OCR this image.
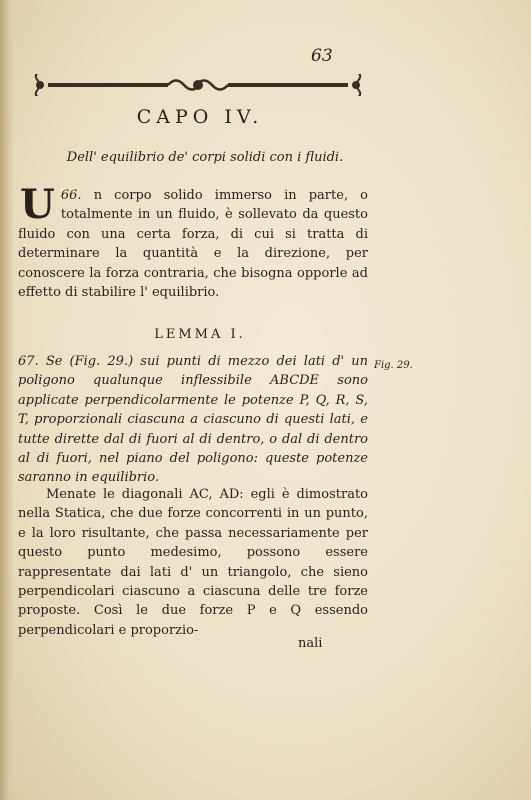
63
CAPO IV.
Dell' equilibrio de' corpi solidi con i fluidi.
66.
U	n corpo solido immerso in parte, o totalmente in un fluido, è sollevato da questo fluido con una certa forza, di cui si tratta di determinare la quantità e la direzione, per conoscere la forza contraria, che bisogna opporle ad effetto di stabilire l' equilibrio.
LEMMA I.
67. Se (Fig. 29.) sui punti di mezzo dei lati d' un poligono qualunque inflessibile ABCDE sono applicate perpendicolarmente le potenze P, Q, R, S, T, proporzionali ciascuna a ciascuno di questi lati, e tutte dirette dal di fuori al di dentro, o dal di dentro al di fuori, nel piano del poligono: queste potenze saranno in equilibrio.
Fig. 29.
Menate le diagonali AC, AD: egli è dimostrato nella Statica, che due forze concorrenti in un punto, e la loro risultante, che passa necessariamente per questo punto medesimo, possono essere rappresentate dai lati d' un triangolo, che sieno perpendicolari ciascuno a ciascuna delle tre forze proposte. Così le due forze P e Q essendo perpendicolari e proporzio-
nali
